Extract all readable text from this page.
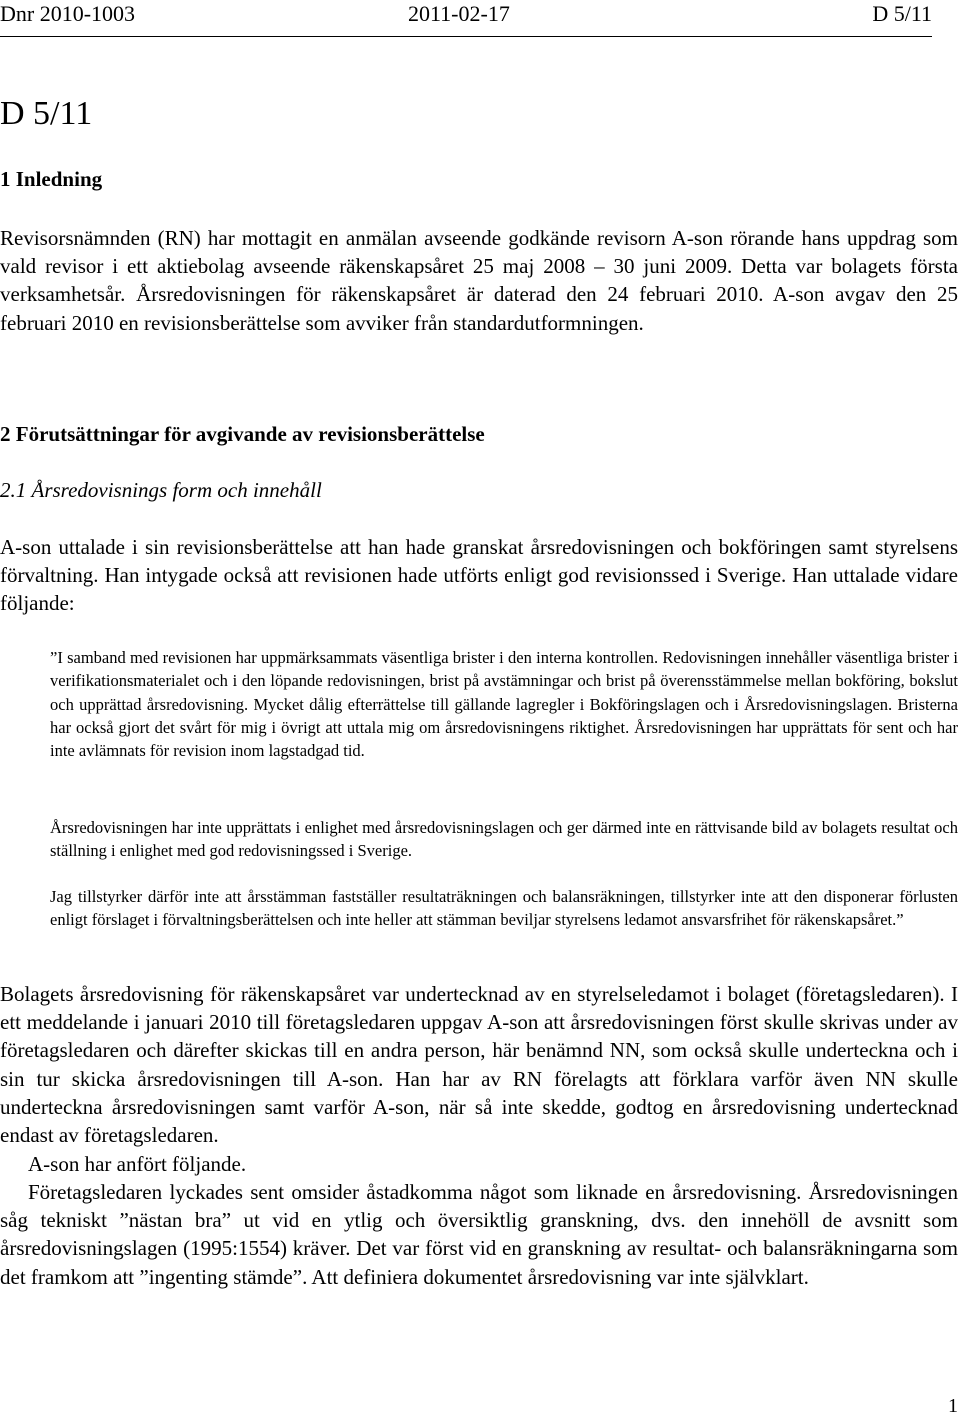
Dnr 2010-1003	2011-02-17	D 5/11
D 5/11
1 Inledning

Revisorsnämnden (RN) har mottagit en anmälan avseende godkände revisorn A-son rörande hans uppdrag som vald revisor i ett aktiebolag avseende räkenskapsåret 25 maj 2008 – 30 juni 2009. Detta var bolagets första verksamhetsår. Årsredovisningen för räkenskapsåret är daterad den 24 februari 2010. A-son avgav den 25 februari 2010 en revisionsberättelse som avviker från standardutformningen.

2 Förutsättningar för avgivande av revisionsberättelse
2.1 Årsredovisnings form och innehåll

A-son uttalade i sin revisionsberättelse att han hade granskat årsredovisningen och bokföringen samt styrelsens förvaltning. Han intygade också att revisionen hade utförts enligt god revisionssed i Sverige. Han uttalade vidare följande:

”I samband med revisionen har uppmärksammats väsentliga brister i den interna kontrollen. Redovisningen innehåller väsentliga brister i verifikationsmaterialet och i den löpande redovisningen, brist på avstämningar och brist på överensstämmelse mellan bokföring, bokslut och upprättad årsredovisning. Mycket dålig efterrättelse till gällande lagregler i Bokföringslagen och i Årsredovisningslagen. Bristerna har också gjort det svårt för mig i övrigt att uttala mig om årsredovisningens riktighet. Årsredovisningen har upprättats för sent och har inte avlämnats för revision inom lagstadgad tid.

Årsredovisningen har inte upprättats i enlighet med årsredovisningslagen och ger därmed inte en rättvisande bild av bolagets resultat och ställning i enlighet med god redovisningssed i Sverige.

Jag tillstyrker därför inte att årsstämman fastställer resultaträkningen och balansräkningen, tillstyrker inte att den disponerar förlusten enligt förslaget i förvaltningsberättelsen och inte heller att stämman beviljar styrelsens ledamot ansvarsfrihet för räkenskapsåret.”

Bolagets årsredovisning för räkenskapsåret var undertecknad av en styrelseledamot i bolaget (företagsledaren). I ett meddelande i januari 2010 till företagsledaren uppgav A-son att årsredovisningen först skulle skrivas under av företagsledaren och därefter skickas till en andra person, här benämnd NN, som också skulle underteckna och i sin tur skicka årsredovisningen till A-son. Han har av RN förelagts att förklara varför även NN skulle underteckna årsredovisningen samt varför A-son, när så inte skedde, godtog en årsredovisning undertecknad endast av företagsledaren.

A-son har anfört följande.

Företagsledaren lyckades sent omsider åstadkomma något som liknade en årsredovisning. Årsredovisningen såg tekniskt ”nästan bra” ut vid en ytlig och översiktlig granskning, dvs. den innehöll de avsnitt som årsredovisningslagen (1995:1554) kräver. Det var först vid en granskning av resultat- och balansräkningarna som det framkom att ”ingenting stämde”. Att definiera dokumentet årsredovisning var inte självklart.

1
